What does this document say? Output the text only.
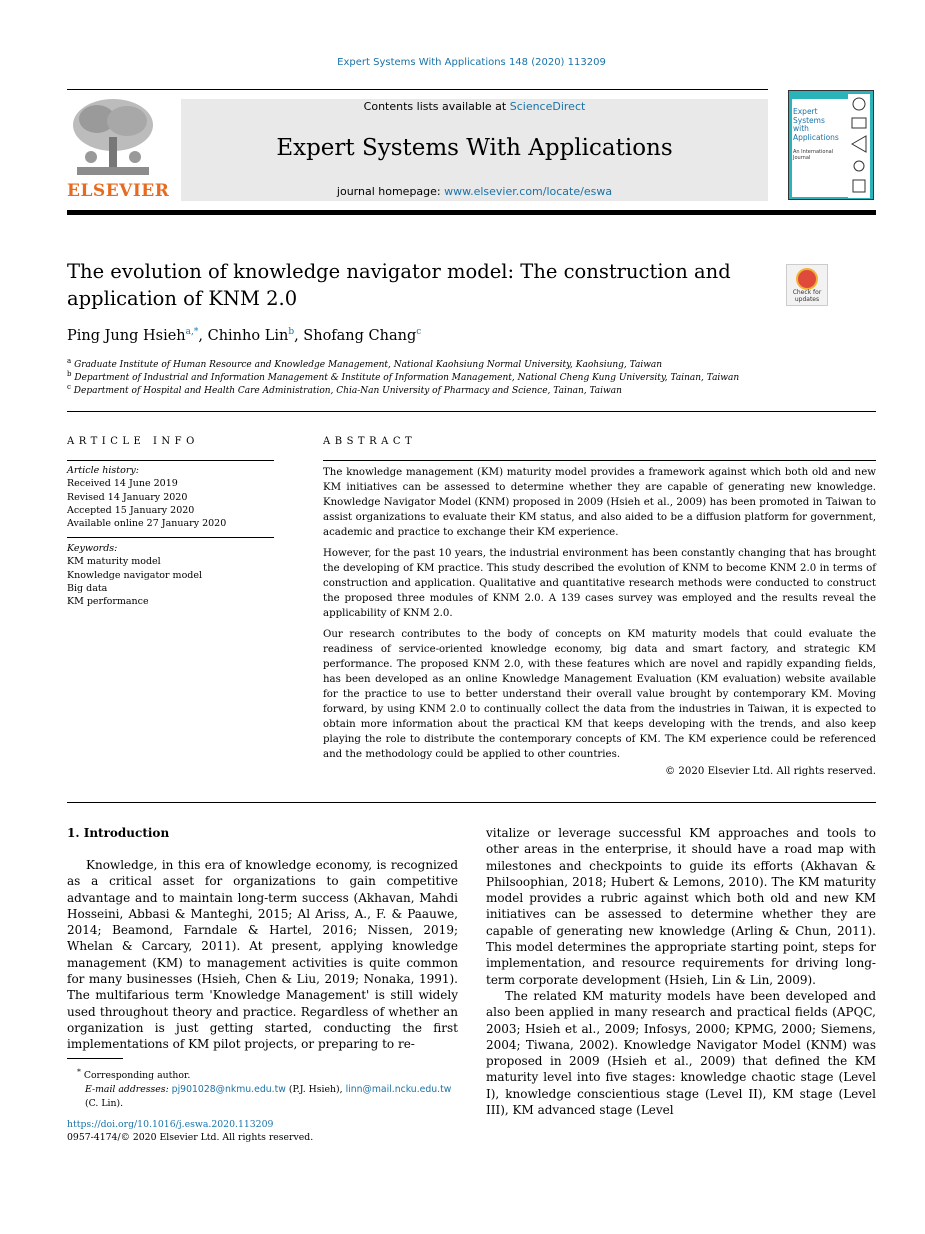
Expert Systems With Applications 148 (2020) 113209
ELSEVIER
Contents lists available at ScienceDirect
Expert Systems With Applications
journal homepage: www.elsevier.com/locate/eswa
Expert Systems with Applications
An International Journal
The evolution of knowledge navigator model: The construction and application of KNM 2.0	Check for updates
Ping Jung Hsieh$^{a,*}$, Chinho Lin$^b$, Shofang Chang$^c$
$^a$ Graduate Institute of Human Resource and Knowledge Management, National Kaohsiung Normal University, Kaohsiung, Taiwan
$^b$ Department of Industrial and Information Management & Institute of Information Management, National Cheng Kung University, Tainan, Taiwan
$^c$ Department of Hospital and Health Care Administration, Chia-Nan University of Pharmacy and Science, Tainan, Taiwan
ARTICLE INFO
Article history:
Received 14 June 2019
Revised 14 January 2020
Accepted 15 January 2020
Available online 27 January 2020
Keywords:
KM maturity model
Knowledge navigator model
Big data
KM performance
ABSTRACT

The knowledge management (KM) maturity model provides a framework against which both old and new KM initiatives can be assessed to determine whether they are capable of generating new knowledge. Knowledge Navigator Model (KNM) proposed in 2009 (Hsieh et al., 2009) has been promoted in Taiwan to assist organizations to evaluate their KM status, and also aided to be a diffusion platform for government, academic and practice to exchange their KM experience.

However, for the past 10 years, the industrial environment has been constantly changing that has brought the developing of KM practice. This study described the evolution of KNM to become KNM 2.0 in terms of construction and application. Qualitative and quantitative research methods were conducted to construct the proposed three modules of KNM 2.0. A 139 cases survey was employed and the results reveal the applicability of KNM 2.0.

Our research contributes to the body of concepts on KM maturity models that could evaluate the readiness of service-oriented knowledge economy, big data and smart factory, and strategic KM performance. The proposed KNM 2.0, with these features which are novel and rapidly expanding fields, has been developed as an online Knowledge Management Evaluation (KM evaluation) website available for the practice to use to better understand their overall value brought by contemporary KM. Moving forward, by using KNM 2.0 to continually collect the data from the industries in Taiwan, it is expected to obtain more information about the practical KM that keeps developing with the trends, and also keep playing the role to distribute the contemporary concepts of KM. The KM experience could be referenced and the methodology could be applied to other countries.

© 2020 Elsevier Ltd. All rights reserved.
1. Introduction

Knowledge, in this era of knowledge economy, is recognized as a critical asset for organizations to gain competitive advantage and to maintain long-term success (Akhavan, Mahdi Hosseini, Abbasi & Manteghi, 2015; Al Ariss, A., F. & Paauwe, 2014; Beamond, Farndale & Hartel, 2016; Nissen, 2019; Whelan & Carcary, 2011). At present, applying knowledge management (KM) to management activities is quite common for many businesses (Hsieh, Chen & Liu, 2019; Nonaka, 1991). The multifarious term 'Knowledge Management' is still widely used throughout theory and practice. Regardless of whether an organization is just getting started, conducting the first implementations of KM pilot projects, or preparing to re-

vitalize or leverage successful KM approaches and tools to other areas in the enterprise, it should have a road map with milestones and checkpoints to guide its efforts (Akhavan & Philsoophian, 2018; Hubert & Lemons, 2010). The KM maturity model provides a rubric against which both old and new KM initiatives can be assessed to determine whether they are capable of generating new knowledge (Arling & Chun, 2011). This model determines the appropriate starting point, steps for implementation, and resource requirements for driving long-term corporate development (Hsieh, Lin & Lin, 2009).

The related KM maturity models have been developed and also been applied in many research and practical fields (APQC, 2003; Hsieh et al., 2009; Infosys, 2000; KPMG, 2000; Siemens, 2004; Tiwana, 2002). Knowledge Navigator Model (KNM) was proposed in 2009 (Hsieh et al., 2009) that defined the KM maturity level into five stages: knowledge chaotic stage (Level I), knowledge conscientious stage (Level II), KM stage (Level III), KM advanced stage (Level

* Corresponding author.
E-mail addresses: pj901028@nkmu.edu.tw (P.J. Hsieh), linn@mail.ncku.edu.tw (C. Lin).
https://doi.org/10.1016/j.eswa.2020.113209
0957-4174/© 2020 Elsevier Ltd. All rights reserved.
